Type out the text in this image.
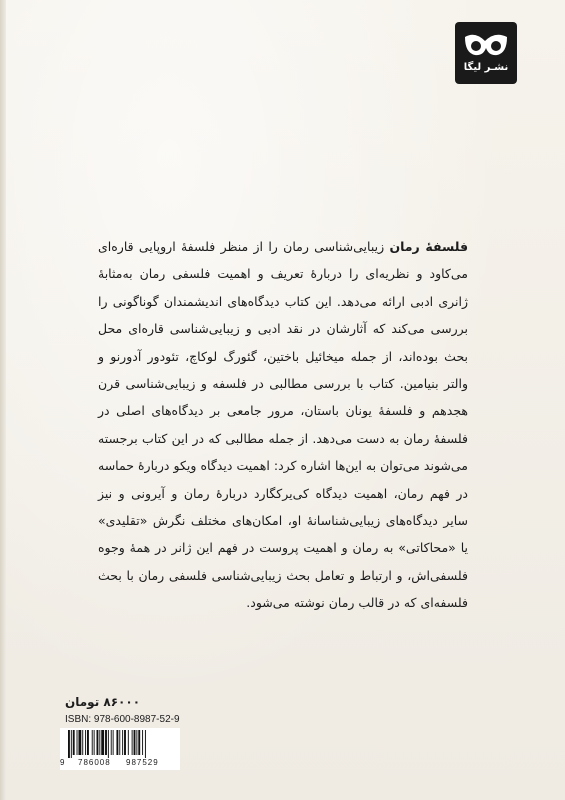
نشـر لیگا
فلسفهٔ رمان زیبایی‌شناسی رمان را از منظر فلسفهٔ اروپایی قاره‌ای می‌کاود و نظریه‌ای را دربارهٔ تعریف و اهمیت فلسفی رمان به‌مثابهٔ ژانری ادبی ارائه می‌دهد. این کتاب دیدگاه‌های اندیشمندان گوناگونی را بررسی می‌کند که آثارشان در نقد ادبی و زیبایی‌شناسی قاره‌ای محل بحث بوده‌اند، از جمله میخائیل باختین، گئورگ لوکاچ، تئودور آدورنو و والتر بنیامین. کتاب با بررسی مطالبی در فلسفه و زیبایی‌شناسی قرن هجدهم و فلسفهٔ یونان باستان، مرور جامعی بر دیدگاه‌های اصلی در فلسفهٔ رمان به دست می‌دهد. از جمله مطالبی که در این کتاب برجسته می‌شوند می‌توان به این‌ها اشاره کرد: اهمیت دیدگاه ویکو دربارهٔ حماسه در فهم رمان، اهمیت دیدگاه کی‌یرکگارد دربارهٔ رمان و آیرونی و نیز سایر دیدگاه‌های زیبایی‌شناسانهٔ او، امکان‌های مختلف نگرش «تقلیدی» یا «محاکاتی» به رمان و اهمیت پروست در فهم این ژانر در همهٔ وجوه فلسفی‌اش، و ارتباط و تعامل بحث زیبایی‌شناسی فلسفی رمان با بحث فلسفه‌ای که در قالب رمان نوشته می‌شود.
۸۶۰۰۰ تومان
ISBN: 978-600-8987-52-9
9 786008 987529
